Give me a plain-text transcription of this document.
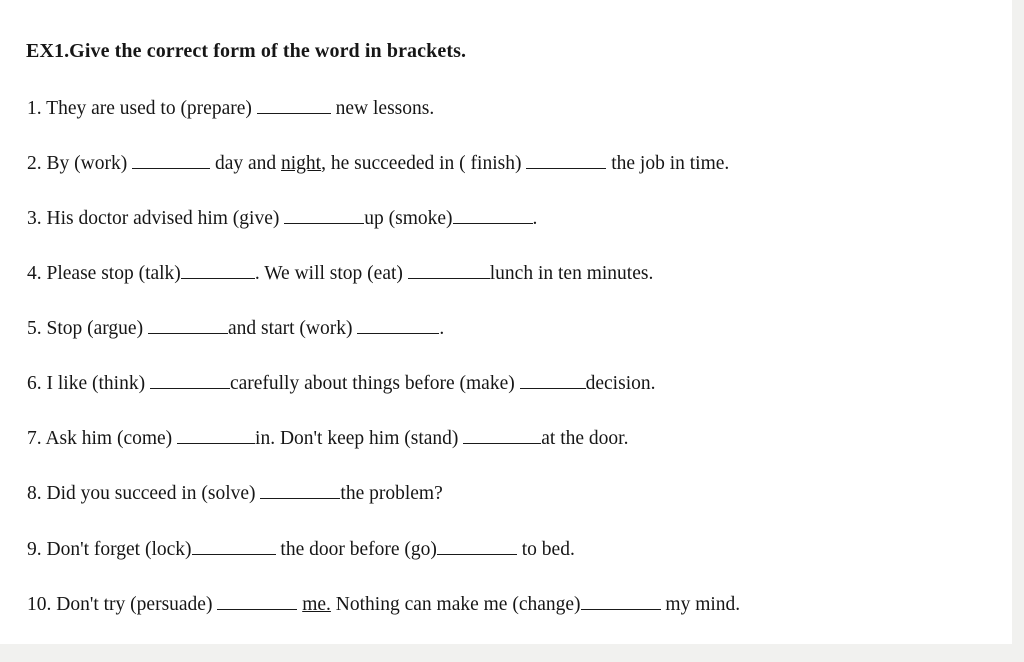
EX1.Give the correct form of the word in brackets.
1. They are used to (prepare)	new lessons.
2. By (work)	day and night, he succeeded in ( finish)	the job in time.
3. His doctor advised him (give)	up (smoke)	.
4. Please stop (talk)	. We will stop (eat)	lunch in ten minutes.
5. Stop (argue)	and start (work)	.
6. I like (think)	carefully about things before (make)	decision.
7. Ask him (come)	in. Don't keep him (stand)	at the door.
8. Did you succeed in (solve)	the problem?
9. Don't forget (lock)	the door before (go)	to bed.
10. Don't try (persuade)	me. Nothing can make me (change)	my mind.
